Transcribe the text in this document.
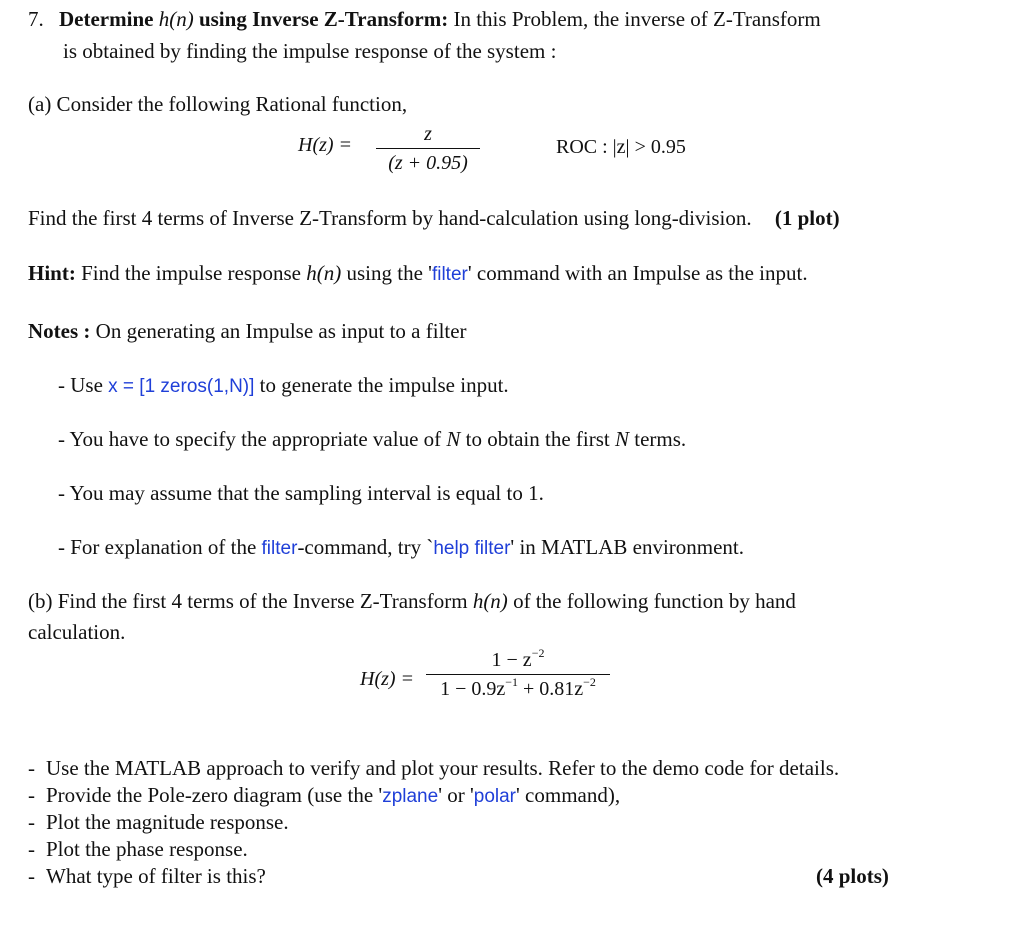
7. Determine h(n) using Inverse Z-Transform: In this Problem, the inverse of Z-Transform
is obtained by finding the impulse response of the system :
(a) Consider the following Rational function,
H(z) =	z
(z + 0.95)
ROC : |z| > 0.95
Find the first 4 terms of Inverse Z-Transform by hand-calculation using long-division. (1 plot)
Hint: Find the impulse response h(n) using the 'filter' command with an Impulse as the input.
Notes : On generating an Impulse as input to a filter
- Use x = [1 zeros(1,N)] to generate the impulse input.
- You have to specify the appropriate value of N to obtain the first N terms.
- You may assume that the sampling interval is equal to 1.
- For explanation of the filter-command, try `help filter' in MATLAB environment.
(b) Find the first 4 terms of the Inverse Z-Transform h(n) of the following function by hand
calculation.
H(z) =
$1 - z^{-2}$
$1 - 0.9z^{-1} + 0.81z^{-2}$
- Use the MATLAB approach to verify and plot your results. Refer to the demo code for details.
- Provide the Pole-zero diagram (use the 'zplane' or 'polar' command),
- Plot the magnitude response.
- Plot the phase response.
- What type of filter is this?	(4 plots)
